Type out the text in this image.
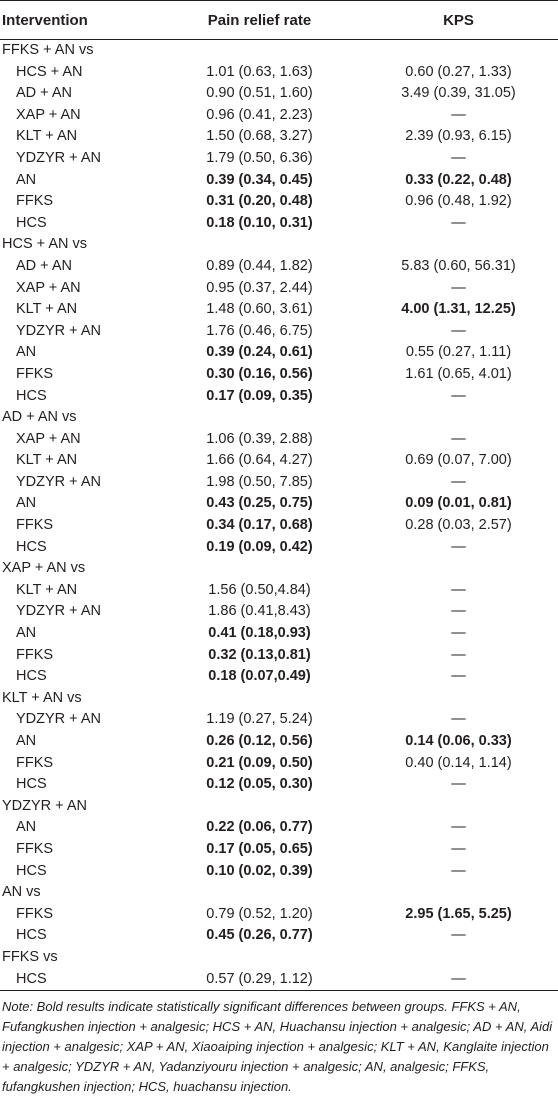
Intervention	Pain relief rate	KPS
FFKS + AN vs		
HCS + AN	1.01 (0.63, 1.63)	0.60 (0.27, 1.33)
AD + AN	0.90 (0.51, 1.60)	3.49 (0.39, 31.05)
XAP + AN	0.96 (0.41, 2.23)	—
KLT + AN	1.50 (0.68, 3.27)	2.39 (0.93, 6.15)
YDZYR + AN	1.79 (0.50, 6.36)	—
AN	0.39 (0.34, 0.45)	0.33 (0.22, 0.48)
FFKS	0.31 (0.20, 0.48)	0.96 (0.48, 1.92)
HCS	0.18 (0.10, 0.31)	—
HCS + AN vs		
AD + AN	0.89 (0.44, 1.82)	5.83 (0.60, 56.31)
XAP + AN	0.95 (0.37, 2.44)	—
KLT + AN	1.48 (0.60, 3.61)	4.00 (1.31, 12.25)
YDZYR + AN	1.76 (0.46, 6.75)	—
AN	0.39 (0.24, 0.61)	0.55 (0.27, 1.11)
FFKS	0.30 (0.16, 0.56)	1.61 (0.65, 4.01)
HCS	0.17 (0.09, 0.35)	—
AD + AN vs		
XAP + AN	1.06 (0.39, 2.88)	—
KLT + AN	1.66 (0.64, 4.27)	0.69 (0.07, 7.00)
YDZYR + AN	1.98 (0.50, 7.85)	—
AN	0.43 (0.25, 0.75)	0.09 (0.01, 0.81)
FFKS	0.34 (0.17, 0.68)	0.28 (0.03, 2.57)
HCS	0.19 (0.09, 0.42)	—
XAP + AN vs		
KLT + AN	1.56 (0.50,4.84)	—
YDZYR + AN	1.86 (0.41,8.43)	—
AN	0.41 (0.18,0.93)	—
FFKS	0.32 (0.13,0.81)	—
HCS	0.18 (0.07,0.49)	—
KLT + AN vs		
YDZYR + AN	1.19 (0.27, 5.24)	—
AN	0.26 (0.12, 0.56)	0.14 (0.06, 0.33)
FFKS	0.21 (0.09, 0.50)	0.40 (0.14, 1.14)
HCS	0.12 (0.05, 0.30)	—
YDZYR + AN		
AN	0.22 (0.06, 0.77)	—
FFKS	0.17 (0.05, 0.65)	—
HCS	0.10 (0.02, 0.39)	—
AN vs		
FFKS	0.79 (0.52, 1.20)	2.95 (1.65, 5.25)
HCS	0.45 (0.26, 0.77)	—
FFKS vs		
HCS	0.57 (0.29, 1.12)	—
Note: Bold results indicate statistically significant differences between groups. FFKS + AN, Fufangkushen injection + analgesic; HCS + AN, Huachansu injection + analgesic; AD + AN, Aidi injection + analgesic; XAP + AN, Xiaoaiping injection + analgesic; KLT + AN, Kanglaite injection + analgesic; YDZYR + AN, Yadanziyouru injection + analgesic; AN, analgesic; FFKS, fufangkushen injection; HCS, huachansu injection.
